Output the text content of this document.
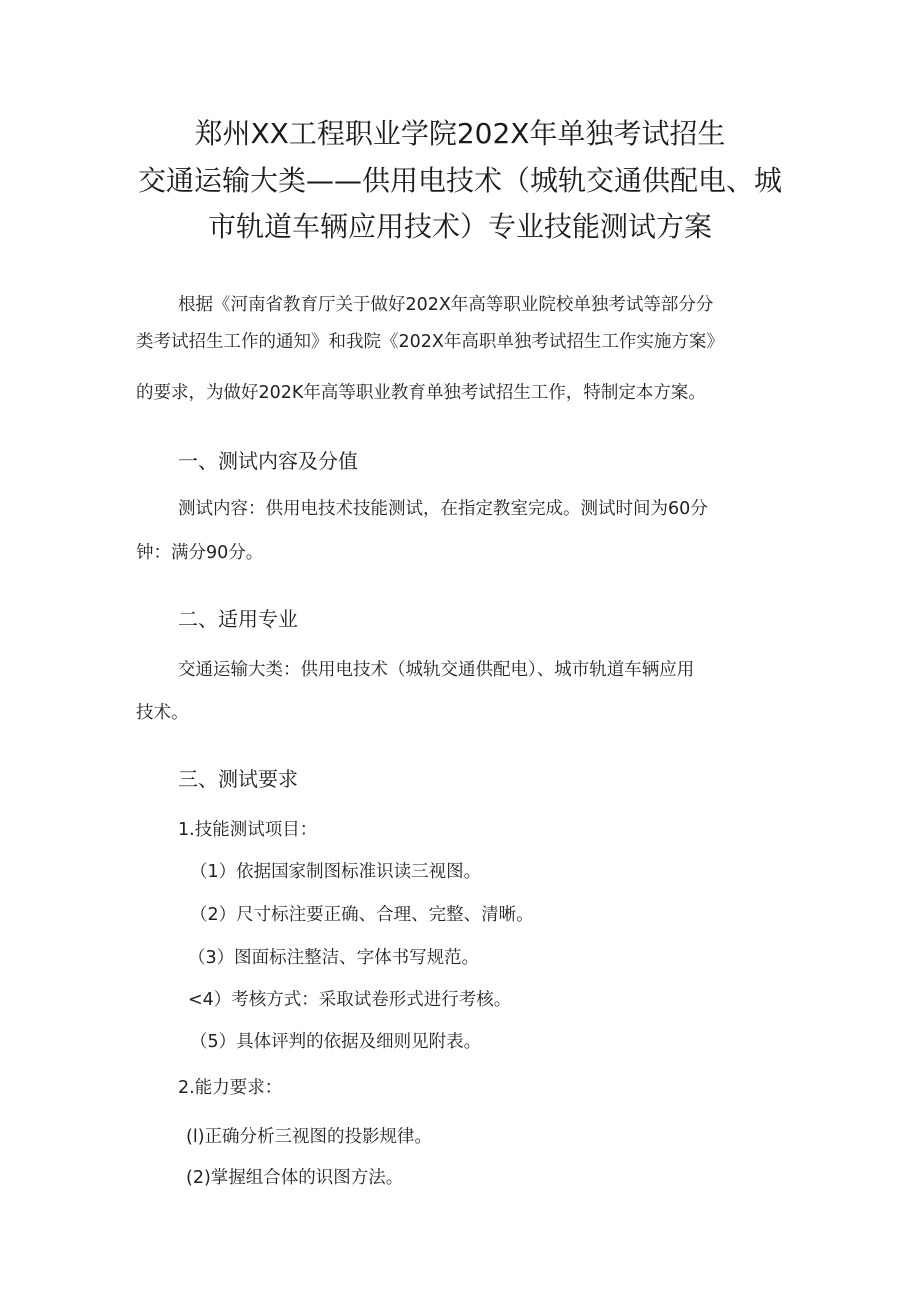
郑州XX工程职业学院202X年单独考试招生
交通运输大类——供用电技术（城轨交通供配电、城
市轨道车辆应用技术）专业技能测试方案
根据《河南省教育厅关于做好202X年高等职业院校单独考试等部分分
类考试招生工作的通知》和我院《202X年高职单独考试招生工作实施方案》
的要求，为做好202K年高等职业教育单独考试招生工作，特制定本方案。
一、测试内容及分值
测试内容：供用电技术技能测试，在指定教室完成。测试时间为60分
钟：满分90分。
二、适用专业
交通运输大类：供用电技术（城轨交通供配电）、城市轨道车辆应用
技术。
三、测试要求
1.技能测试项目：
（1）依据国家制图标准识读三视图。
（2）尺寸标注要正确、合理、完整、清晰。
（3）图面标注整洁、字体书写规范。
<4）考核方式：采取试卷形式进行考核。
（5）具体评判的依据及细则见附表。
2.能力要求：
(l)正确分析三视图的投影规律。
(2)掌握组合体的识图方法。
